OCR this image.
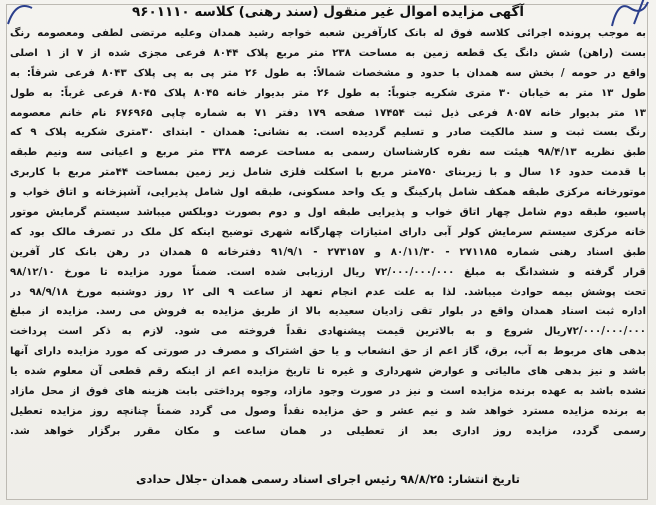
آگهی مزایده اموال غیر منقول (سند رهنی) کلاسه ۹۶۰۱۱۱۰
به موجب پرونده اجرائی کلاسه فوق له بانک کارآفرین شعبه خواجه رشید همدان وعلیه مرتضی لطفی ومعصومه رنگ
بست (راهن) شش دانگ یک قطعه زمین به مساحت ۲۳۸ متر مربع پلاک ۸۰۴۴ فرعی مجزی شده از ۷ از ۱ اصلی
واقع در حومه / بخش سه همدان با حدود و مشخصات شمالاً: به طول ۲۶ متر پی به پی پلاک ۸۰۴۳ فرعی شرقاً: به
طول ۱۳ متر به خیابان ۳۰ متری شکریه جنوباً: به طول ۲۶ متر بدیوار خانه ۸۰۴۵ پلاک ۸۰۴۵ فرعی غرباً: به طول
۱۳ متر بدیوار خانه ۸۰۵۷ فرعی ذیل ثبت ۱۷۴۵۴ صفحه ۱۷۹ دفتر ۷۱ به شماره چاپی ۶۷۶۹۶۵ نام خانم معصومه
رنگ بست ثبت و سند مالکیت صادر و تسلیم گردیده است. به نشانی: همدان - ابتدای ۳۰متری شکریه پلاک ۹ که
طبق نظریه ۹۸/۴/۱۳ هیئت سه نفره کارشناسان رسمی به مساحت عرصه ۳۳۸ متر مربع و اعیانی سه ونیم طبقه
با قدمت حدود ۱۶ سال و با زیربنای ۷۵۰متر مربع با اسکلت فلزی شامل زیر زمین بمساحت ۴۴متر مربع با کاربری
موتورخانه مرکزی طبقه همکف شامل پارکینگ و یک واحد مسکونی، طبقه اول شامل پذیرایی، آشپزخانه و اتاق خواب و
پاسیو، طبقه دوم شامل چهار اتاق خواب و پذیرایی طبقه اول و دوم بصورت دوبلکس میباشد سیستم گرمایش موتور
خانه مرکزی سیستم سرمایش کولر آبی دارای امتیازات چهارگانه شهری توضیح اینکه کل ملک در تصرف مالک بود که
طبق اسناد رهنی شماره ۲۷۱۱۸۵ - ۸۰/۱۱/۳۰ و ۲۷۳۱۵۷ - ۹۱/۹/۱ دفترخانه ۵ همدان در رهن بانک کار آفرین
قرار گرفته و ششدانگ به مبلغ ۷۲/۰۰۰/۰۰۰/۰۰۰ ریال ارزیابی شده است. ضمناً مورد مزایده تا مورخ ۹۸/۱۲/۱۰
تحت پوشش بیمه حوادث میباشد. لذا به علت عدم انجام تعهد از ساعت ۹ الی ۱۲ روز دوشنبه مورخ ۹۸/۹/۱۸ در
اداره ثبت اسناد همدان واقع در بلوار تقی زادیان سعیدیه بالا از طریق مزایده به فروش می رسد. مزایده از مبلغ
۷۲/۰۰۰/۰۰۰/۰۰۰ریال شروع و به بالاترین قیمت پیشنهادی نقداً فروخته می شود. لازم به ذکر است پرداخت
بدهی های مربوط به آب، برق، گاز اعم از حق انشعاب و یا حق اشتراک و مصرف در صورتی که مورد مزایده دارای آنها
باشد و نیز بدهی های مالیاتی و عوارض شهرداری و غیره تا تاریخ مزایده اعم از اینکه رقم قطعی آن معلوم شده یا
نشده باشد به عهده برنده مزایده است و نیز در صورت وجود مازاد، وجوه پرداختی بابت هزینه های فوق از محل مازاد
به برنده مزایده مسترد خواهد شد و نیم عشر و حق مزایده نقداً وصول می گردد ضمناً چنانچه روز مزایده تعطیل
رسمی گردد، مزایده روز اداری بعد از تعطیلی در همان ساعت و مکان مقرر برگزار خواهد شد.
تاریخ انتشار: ۹۸/۸/۲۵ رئیس اجرای اسناد رسمی همدان -جلال حدادی
